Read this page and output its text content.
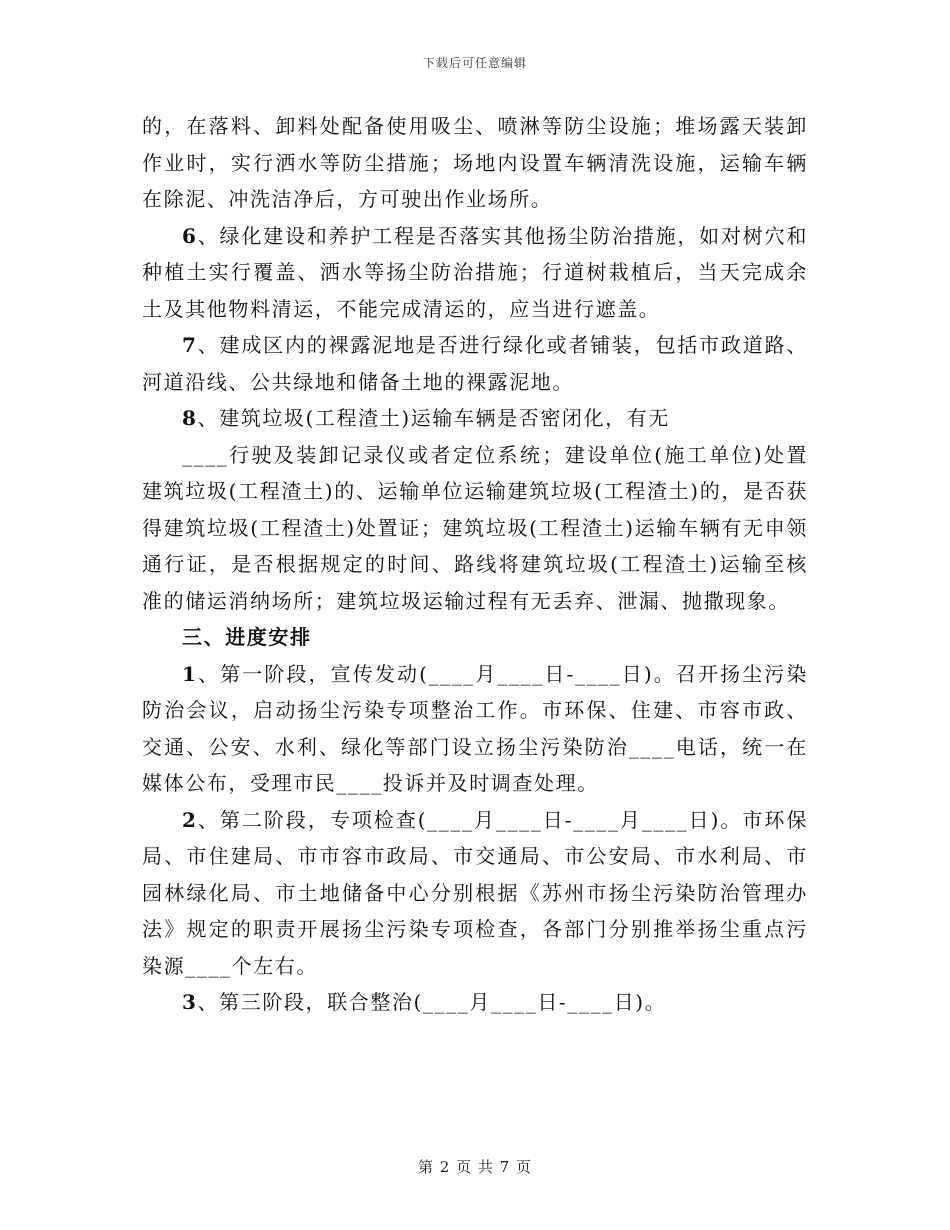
下载后可任意编辑

的，在落料、卸料处配备使用吸尘、喷淋等防尘设施；堆场露天装卸作业时，实行洒水等防尘措施；场地内设置车辆清洗设施，运输车辆在除泥、冲洗洁净后，方可驶出作业场所。

6、绿化建设和养护工程是否落实其他扬尘防治措施，如对树穴和种植土实行覆盖、洒水等扬尘防治措施；行道树栽植后，当天完成余土及其他物料清运，不能完成清运的，应当进行遮盖。

7、建成区内的裸露泥地是否进行绿化或者铺装，包括市政道路、河道沿线、公共绿地和储备土地的裸露泥地。

8、建筑垃圾(工程渣土)运输车辆是否密闭化，有无

____行驶及装卸记录仪或者定位系统；建设单位(施工单位)处置建筑垃圾(工程渣土)的、运输单位运输建筑垃圾(工程渣土)的，是否获得建筑垃圾(工程渣土)处置证；建筑垃圾(工程渣土)运输车辆有无申领通行证，是否根据规定的时间、路线将建筑垃圾(工程渣土)运输至核准的储运消纳场所；建筑垃圾运输过程有无丢弃、泄漏、抛撒现象。

三、进度安排

1、第一阶段，宣传发动(____月____日-____日)。召开扬尘污染防治会议，启动扬尘污染专项整治工作。市环保、住建、市容市政、交通、公安、水利、绿化等部门设立扬尘污染防治____电话，统一在媒体公布，受理市民____投诉并及时调查处理。

2、第二阶段，专项检查(____月____日-____月____日)。市环保局、市住建局、市市容市政局、市交通局、市公安局、市水利局、市园林绿化局、市土地储备中心分别根据《苏州市扬尘污染防治管理办法》规定的职责开展扬尘污染专项检查，各部门分别推举扬尘重点污染源____个左右。

3、第三阶段，联合整治(____月____日-____日)。

第 2 页 共 7 页
